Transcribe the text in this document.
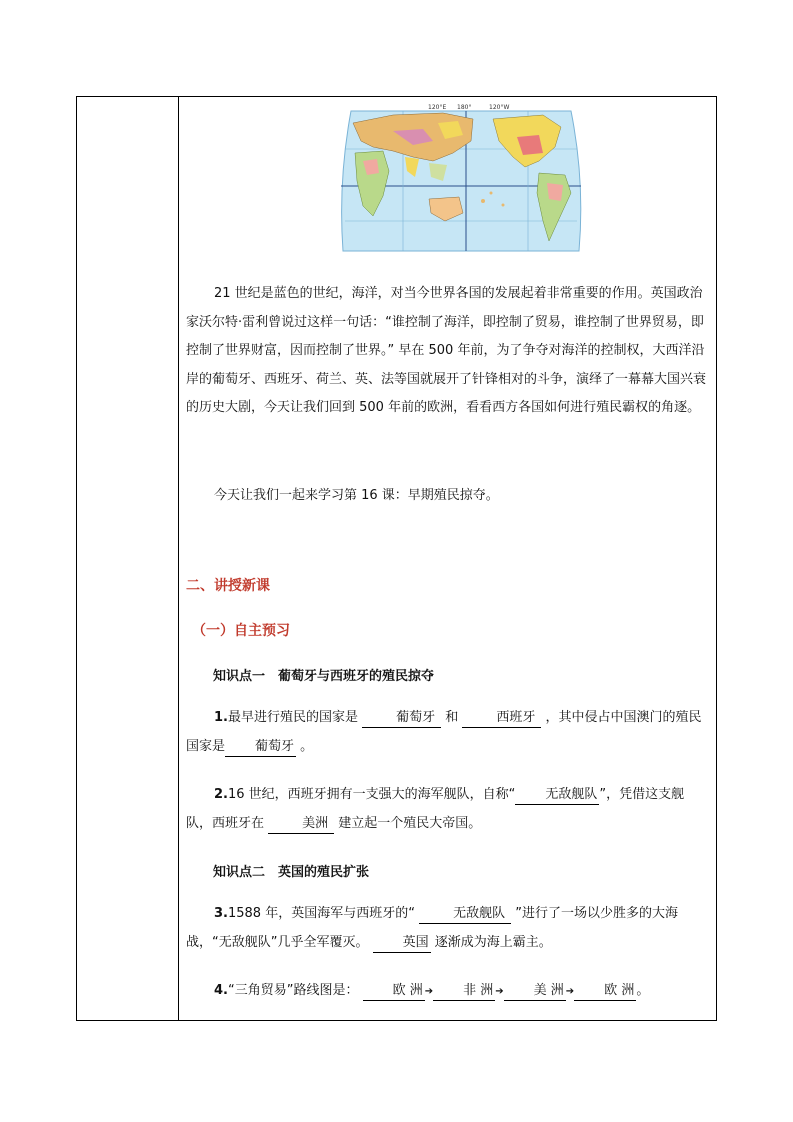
120°E 180°	120°W
21 世纪是蓝色的世纪，海洋，对当今世界各国的发展起着非常重要的作用。英国政治家沃尔特·雷利曾说过这样一句话：“谁控制了海洋，即控制了贸易，谁控制了世界贸易，即控制了世界财富，因而控制了世界。” 早在 500 年前，为了争夺对海洋的控制权，大西洋沿岸的葡萄牙、西班牙、荷兰、英、法等国就展开了针锋相对的斗争，演绎了一幕幕大国兴衰的历史大剧，今天让我们回到 500 年前的欧洲，看看西方各国如何进行殖民霸权的角逐。
今天让我们一起来学习第 16 课：早期殖民掠夺。
二、讲授新课
（一）自主预习
知识点一　葡萄牙与西班牙的殖民掠夺
1.最早进行殖民的国家是	葡萄牙 和	西班牙 ，其中侵占中国澳门的殖民国家是 葡萄牙 。
2.16 世纪，西班牙拥有一支强大的海军舰队，自称“ 无敌舰队 ”，凭借这支舰队，西班牙在	美洲 建立起一个殖民大帝国。
知识点二　英国的殖民扩张
3.1588 年，英国海军与西班牙的“	无敌舰队 ”进行了一场以少胜多的大海战，“无敌舰队”几乎全军覆灭。 英国 逐渐成为海上霸主。
4.“三角贸易”路线图是： 欧 洲 ➔ 非 洲 ➔ 美 洲 ➔ 欧 洲 。
